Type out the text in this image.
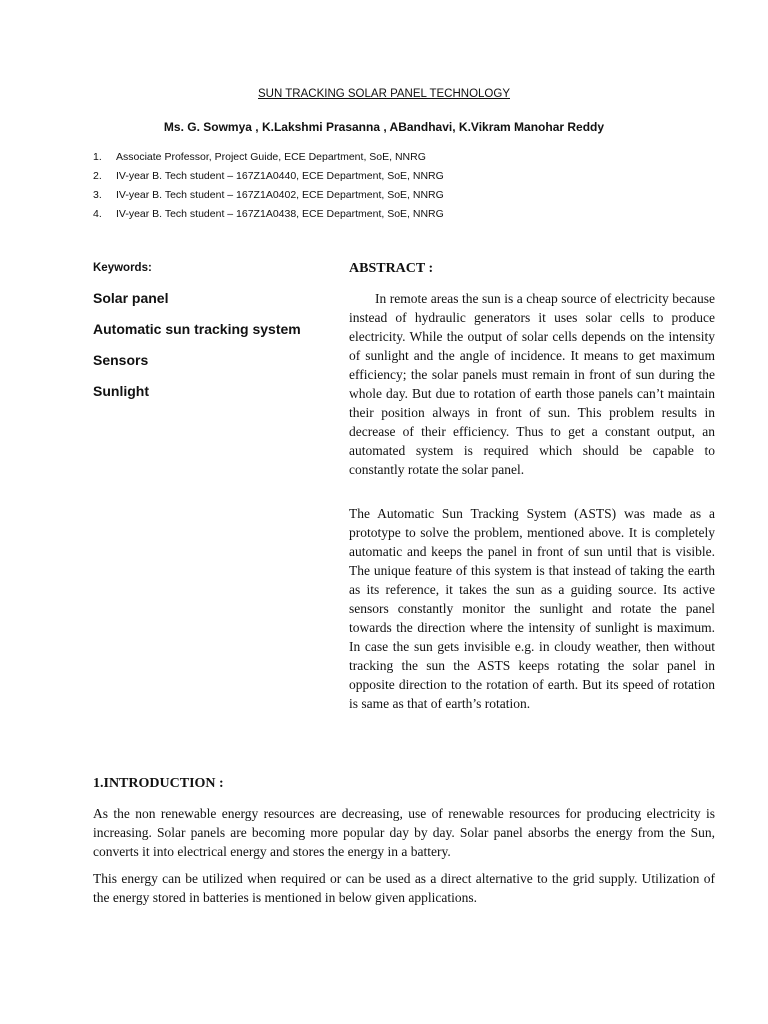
SUN TRACKING SOLAR PANEL TECHNOLOGY
Ms. G. Sowmya , K.Lakshmi Prasanna , ABandhavi, K.Vikram Manohar Reddy
1. Associate Professor, Project Guide, ECE Department, SoE, NNRG
2. IV-year B. Tech student – 167Z1A0440, ECE Department, SoE, NNRG
3. IV-year B. Tech student – 167Z1A0402, ECE Department, SoE, NNRG
4. IV-year B. Tech student – 167Z1A0438, ECE Department, SoE, NNRG
Keywords:
Solar panel
Automatic sun tracking system
Sensors
Sunlight
ABSTRACT :

In remote areas the sun is a cheap source of electricity because instead of hydraulic generators it uses solar cells to produce electricity. While the output of solar cells depends on the intensity of sunlight and the angle of incidence. It means to get maximum efficiency; the solar panels must remain in front of sun during the whole day. But due to rotation of earth those panels can’t maintain their position always in front of sun. This problem results in decrease of their efficiency. Thus to get a constant output, an automated system is required which should be capable to constantly rotate the solar panel.

The Automatic Sun Tracking System (ASTS) was made as a prototype to solve the problem, mentioned above. It is completely automatic and keeps the panel in front of sun until that is visible. The unique feature of this system is that instead of taking the earth as its reference, it takes the sun as a guiding source. Its active sensors constantly monitor the sunlight and rotate the panel towards the direction where the intensity of sunlight is maximum. In case the sun gets invisible e.g. in cloudy weather, then without tracking the sun the ASTS keeps rotating the solar panel in opposite direction to the rotation of earth. But its speed of rotation is same as that of earth’s rotation.

1.INTRODUCTION :

As the non renewable energy resources are decreasing, use of renewable resources for producing electricity is increasing. Solar panels are becoming more popular day by day. Solar panel absorbs the energy from the Sun, converts it into electrical energy and stores the energy in a battery.

This energy can be utilized when required or can be used as a direct alternative to the grid supply. Utilization of the energy stored in batteries is mentioned in below given applications.
